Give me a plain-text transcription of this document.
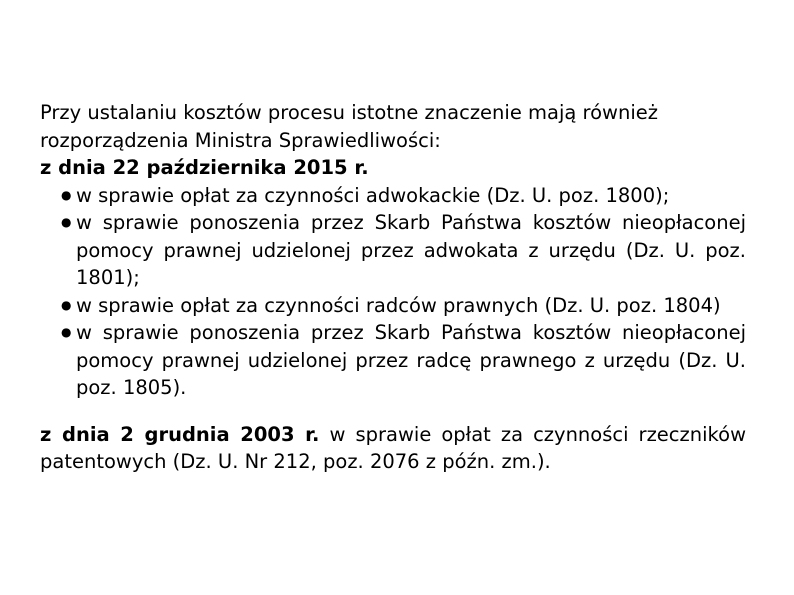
Przy ustalaniu kosztów procesu istotne znaczenie mają również rozporządzenia Ministra Sprawiedliwości:

z dnia 22 października 2015 r.

● w sprawie opłat za czynności adwokackie (Dz. U. poz. 1800);
● w sprawie ponoszenia przez Skarb Państwa kosztów nieopłaconej pomocy prawnej udzielonej przez adwokata z urzędu (Dz. U. poz. 1801);
● w sprawie opłat za czynności radców prawnych (Dz. U. poz. 1804)
● w sprawie ponoszenia przez Skarb Państwa kosztów nieopłaconej pomocy prawnej udzielonej przez radcę prawnego z urzędu (Dz. U. poz. 1805).

z dnia 2 grudnia 2003 r. w sprawie opłat za czynności rzeczników patentowych (Dz. U. Nr 212, poz. 2076 z późn. zm.).
